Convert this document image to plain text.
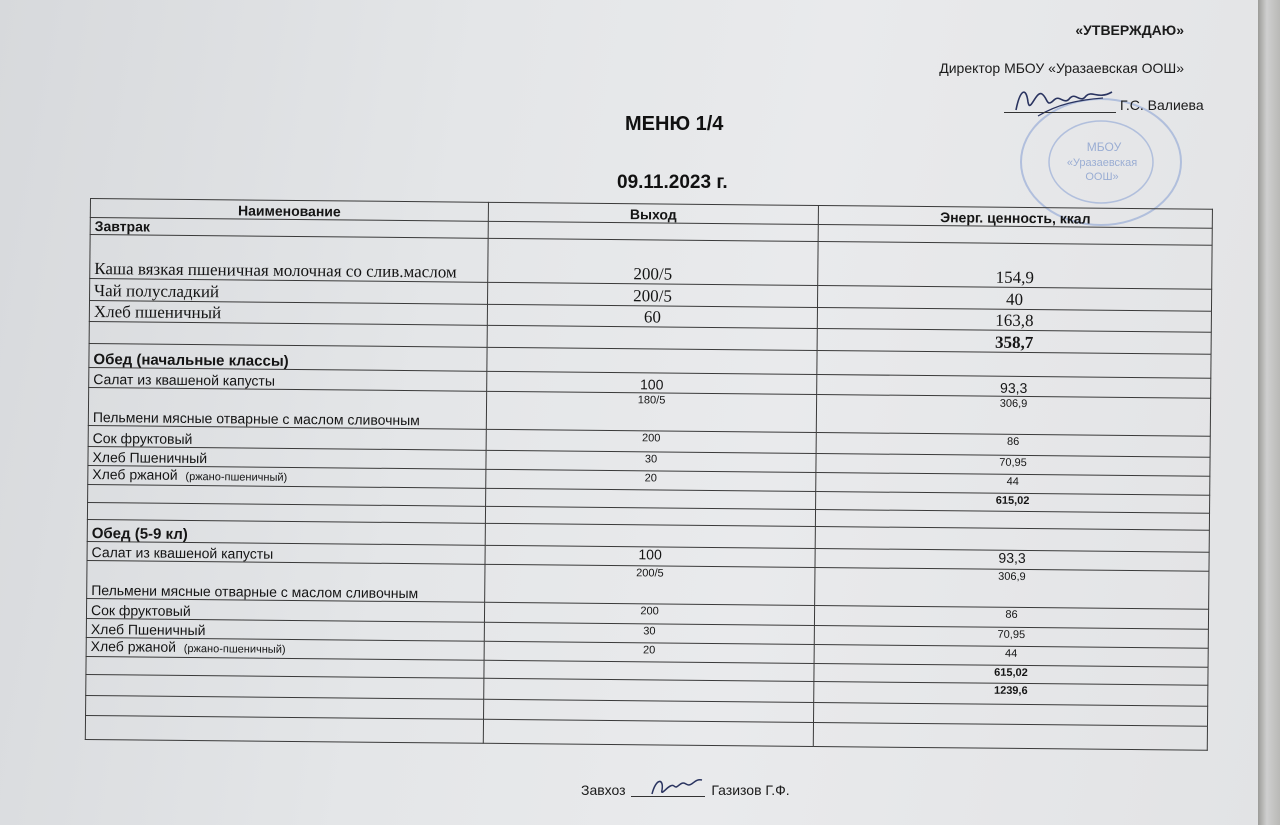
«УТВЕРЖДАЮ»
Директор МБОУ «Уразаевская ООШ»
МБОУ
«Уразаевская
ООШ»
Г.С. Валиева
МЕНЮ 1/4
09.11.2023 г.
Наименование	Выход	Энерг. ценность, ккал
Завтрак		
Каша вязкая пшеничная молочная со слив.маслом	200/5	154,9
Чай полусладкий	200/5	40
Хлеб пшеничный	60	163,8
		358,7
Обед (начальные классы)		
Салат из квашеной капусты	100	93,3
Пельмени мясные отварные с маслом сливочным	180/5	306,9
Сок фруктовый	200	86
Хлеб Пшеничный	30	70,95
Хлеб ржаной (ржано-пшеничный)	20	44
		615,02

Обед (5-9 кл)		
Салат из квашеной капусты	100	93,3
Пельмени мясные отварные с маслом сливочным	200/5	306,9
Сок фруктовый	200	86
Хлеб Пшеничный	30	70,95
Хлеб ржаной (ржано-пшеничный)	20	44
		615,02
		1239,6

Завхоз	Газизов Г.Ф.
